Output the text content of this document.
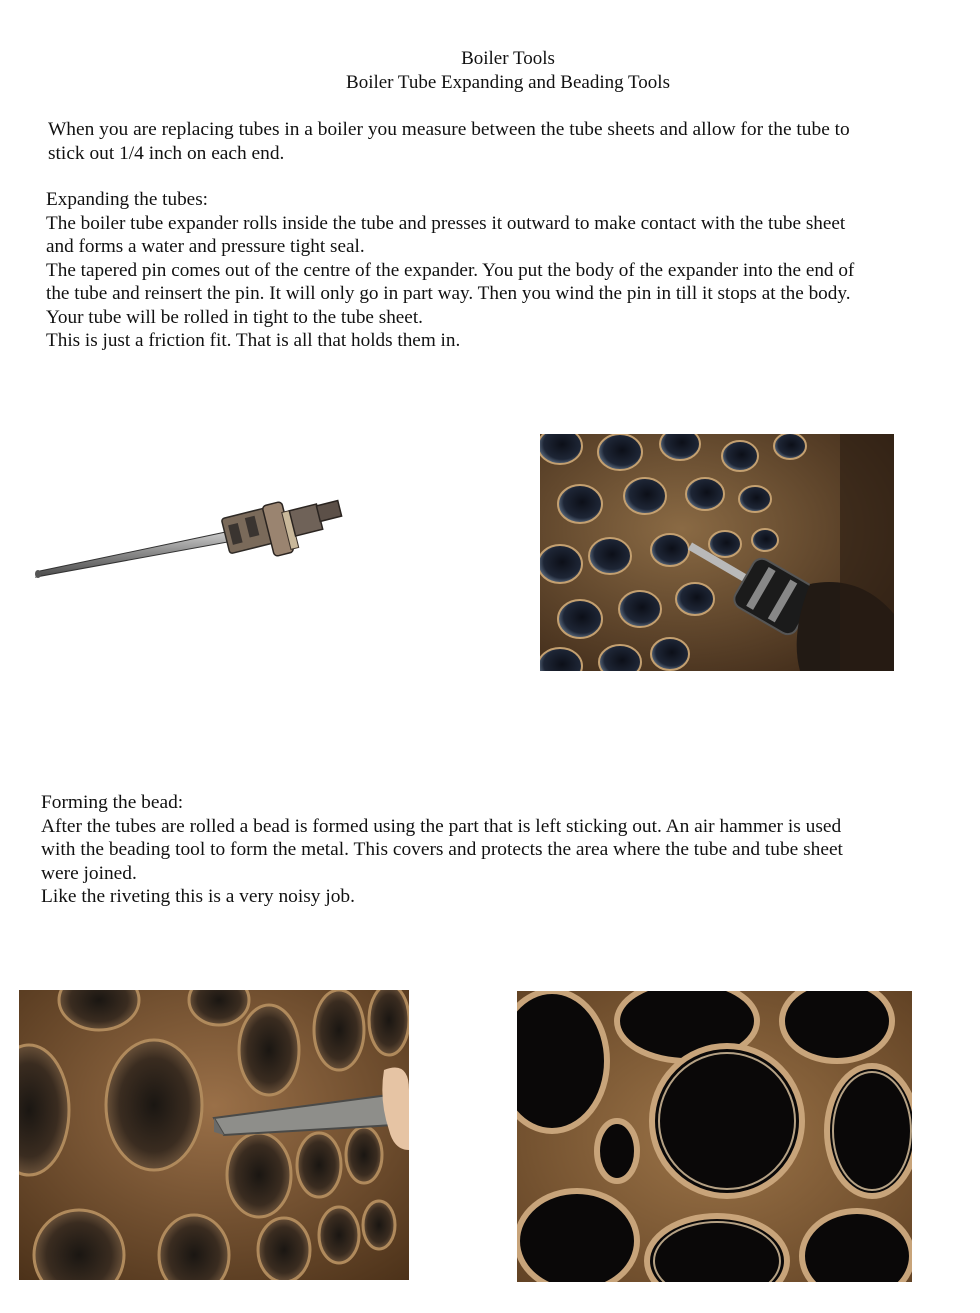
Boiler Tools
Boiler Tube Expanding and Beading Tools
When you are replacing tubes in a boiler you measure between the tube sheets and allow for the tube to
stick out 1/4 inch on each end.
Expanding the tubes:
The boiler tube expander rolls inside the tube and presses it outward to make contact with the tube sheet
and forms a water and pressure tight seal.
The tapered pin comes out of the centre of the expander. You put the body of the expander into the end of
the tube and reinsert the pin. It will only go in part way. Then you wind the pin in till it stops at the body.
Your tube will be rolled in tight to the tube sheet.
This is just a friction fit. That is all that holds them in.
Forming the bead:
After the tubes are rolled a bead is formed using the part that is left sticking out. An air hammer is used
with the beading tool to form the metal. This covers and protects the area where the tube and tube sheet
were joined.
Like the riveting this is a very noisy job.
